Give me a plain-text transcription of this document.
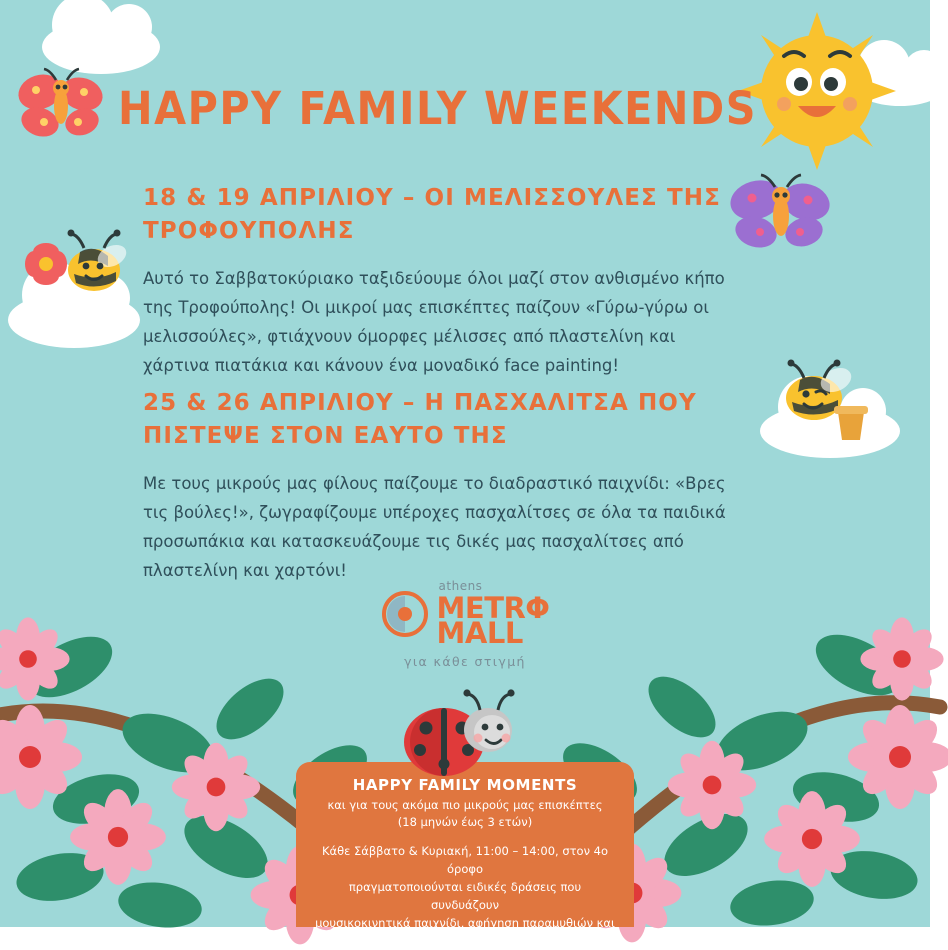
HAPPY FAMILY WEEKENDS
18 & 19 ΑΠΡΙΛΙΟΥ – ΟΙ ΜΕΛΙΣΣΟΥΛΕΣ ΤΗΣ ΤΡΟΦΟΥΠΟΛΗΣ
Αυτό το Σαββατοκύριακο ταξιδεύουμε όλοι μαζί στον ανθισμένο κήπο της Τροφούπολης! Οι μικροί μας επισκέπτες παίζουν «Γύρω-γύρω οι μελισσούλες», φτιάχνουν όμορφες μέλισσες από πλαστελίνη και χάρτινα πιατάκια και κάνουν ένα μοναδικό face painting!
25 & 26 ΑΠΡΙΛΙΟΥ – Η ΠΑΣΧΑΛΙΤΣΑ ΠΟΥ ΠΙΣΤΕΨΕ ΣΤΟΝ ΕΑΥΤΟ ΤΗΣ
Με τους μικρούς μας φίλους παίζουμε το διαδραστικό παιχνίδι: «Βρες τις βούλες!», ζωγραφίζουμε υπέροχες πασχαλίτσες σε όλα τα παιδικά προσωπάκια και κατασκευάζουμε τις δικές μας πασχαλίτσες από πλαστελίνη και χαρτόνι!
athens
METRΦ
MALL
για κάθε στιγμή
HAPPY FAMILY MOMENTS
και για τους ακόμα πιο μικρούς μας επισκέπτες
(18 μηνών έως 3 ετών)
Κάθε Σάββατο & Κυριακή, 11:00 – 14:00, στον 4ο όροφο
πραγματοποιούνται ειδικές δράσεις που συνδυάζουν
μουσικοκινητικά παιχνίδι, αφήγηση παραμυθιών και
δημιουργικές κατασκευές.
